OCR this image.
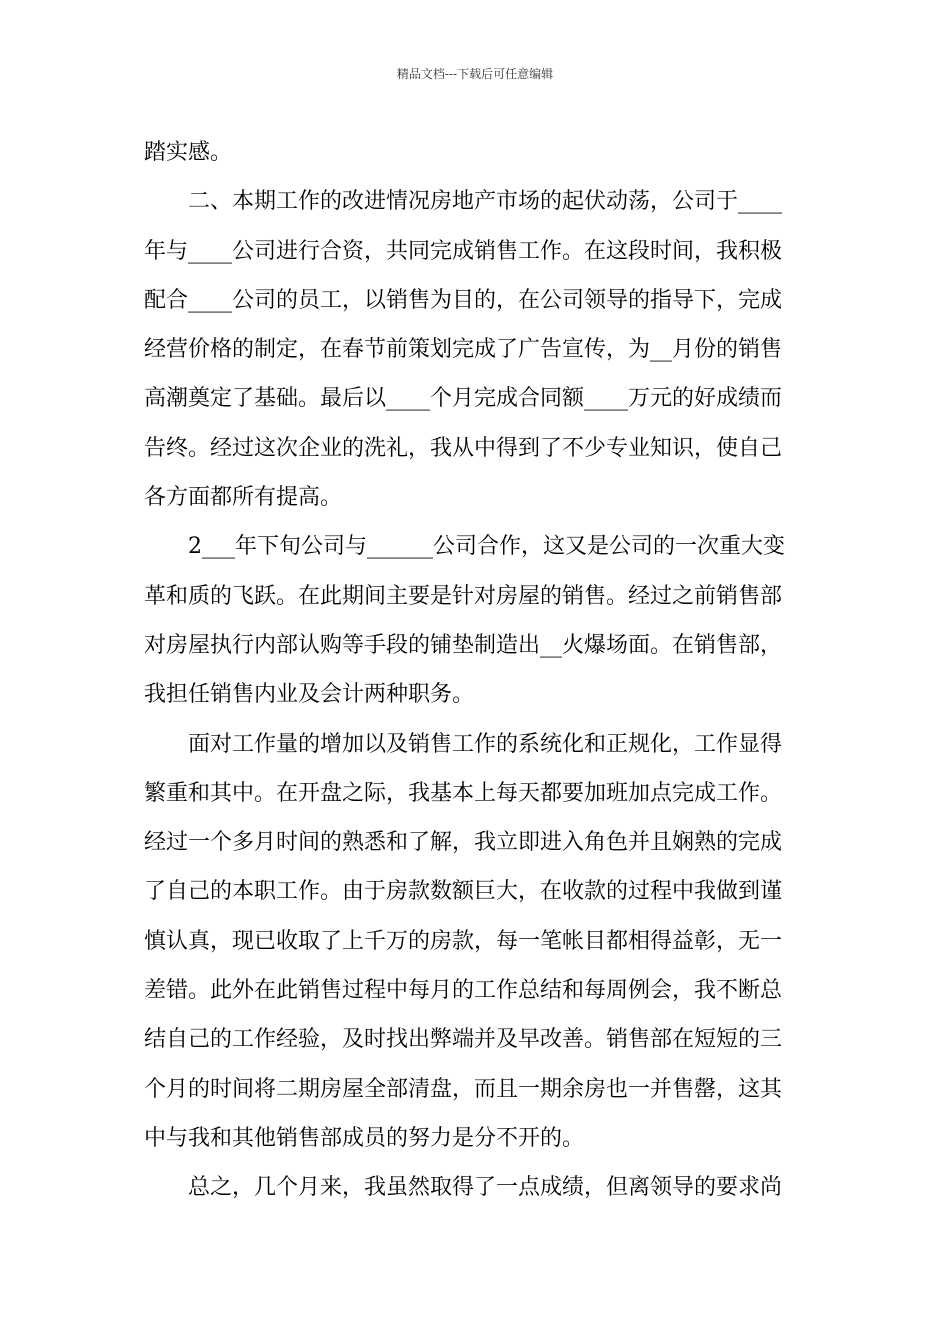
精品文档---下载后可任意编辑
踏实感。
二、本期工作的改进情况房地产市场的起伏动荡，公司于____
年与____公司进行合资，共同完成销售工作。在这段时间，我积极
配合____公司的员工，以销售为目的，在公司领导的指导下，完成
经营价格的制定，在春节前策划完成了广告宣传，为__月份的销售
高潮奠定了基础。最后以____个月完成合同额____万元的好成绩而
告终。经过这次企业的洗礼，我从中得到了不少专业知识，使自己
各方面都所有提高。
2___年下旬公司与______公司合作，这又是公司的一次重大变
革和质的飞跃。在此期间主要是针对房屋的销售。经过之前销售部
对房屋执行内部认购等手段的铺垫制造出__火爆场面。在销售部，
我担任销售内业及会计两种职务。
面对工作量的增加以及销售工作的系统化和正规化，工作显得
繁重和其中。在开盘之际，我基本上每天都要加班加点完成工作。
经过一个多月时间的熟悉和了解，我立即进入角色并且娴熟的完成
了自己的本职工作。由于房款数额巨大，在收款的过程中我做到谨
慎认真，现已收取了上千万的房款，每一笔帐目都相得益彰，无一
差错。此外在此销售过程中每月的工作总结和每周例会，我不断总
结自己的工作经验，及时找出弊端并及早改善。销售部在短短的三
个月的时间将二期房屋全部清盘，而且一期余房也一并售罄，这其
中与我和其他销售部成员的努力是分不开的。
总之，几个月来，我虽然取得了一点成绩，但离领导的要求尚
